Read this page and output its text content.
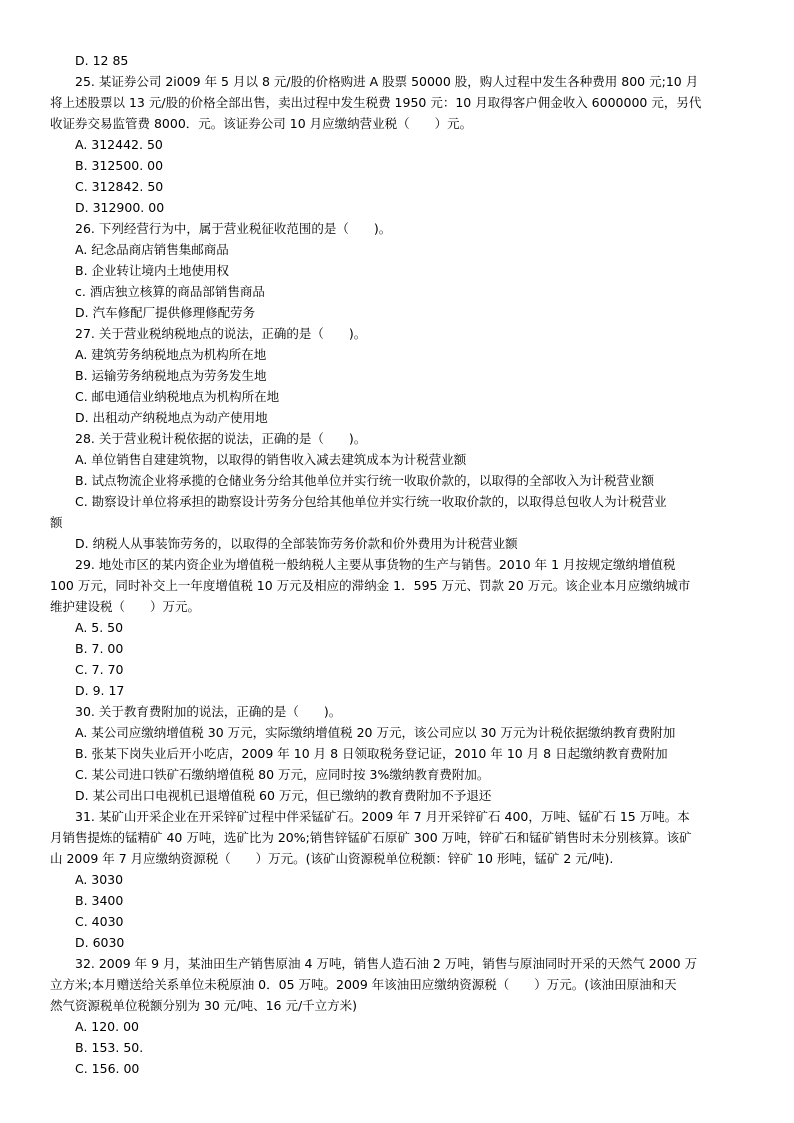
D. 12 85
25. 某证券公司 2i009 年 5 月以 8 元/股的价格购进 A 股票 50000 股，购人过程中发生各种费用 800 元;10 月
将上述股票以 13 元/股的价格全部出售，卖出过程中发生税费 1950 元：10 月取得客户佣金收入 6000000 元，另代
收证券交易监管费 8000．元。该证券公司 10 月应缴纳营业税（　　）元。
A. 312442. 50
B. 312500. 00
C. 312842. 50
D. 312900. 00
26. 下列经营行为中，属于营业税征收范围的是（　　)。
A. 纪念品商店销售集邮商品
B. 企业转让境内土地使用权
c. 酒店独立核算的商品部销售商品
D. 汽车修配厂提供修理修配劳务
27. 关于营业税纳税地点的说法，正确的是（　　)。
A. 建筑劳务纳税地点为机构所在地
B. 运输劳务纳税地点为劳务发生地
C. 邮电通信业纳税地点为机构所在地
D. 出租动产纳税地点为动产使用地
28. 关于营业税计税依据的说法，正确的是（　　)。
A. 单位销售自建建筑物，以取得的销售收入减去建筑成本为计税营业额
B. 试点物流企业将承揽的仓储业务分给其他单位并实行统一收取价款的，以取得的全部收入为计税营业额
C. 勘察设计单位将承担的勘察设计劳务分包给其他单位并实行统一收取价款的，以取得总包收人为计税营业
额
D. 纳税人从事装饰劳务的，以取得的全部装饰劳务价款和价外费用为计税营业额
29. 地处市区的某内资企业为增值税一般纳税人主要从事货物的生产与销售。2010 年 1 月按规定缴纳增值税
100 万元，同时补交上一年度增值税 10 万元及相应的滞纳金 1．595 万元、罚款 20 万元。该企业本月应缴纳城市
维护建设税（　　）万元。
A. 5. 50
B. 7. 00
C. 7. 70
D. 9. 17
30. 关于教育费附加的说法，正确的是（　　)。
A. 某公司应缴纳增值税 30 万元，实际缴纳增值税 20 万元，该公司应以 30 万元为计税依据缴纳教育费附加
B. 张某下岗失业后开小吃店，2009 年 10 月 8 日领取税务登记证，2010 年 10 月 8 日起缴纳教育费附加
C. 某公司进口铁矿石缴纳增值税 80 万元，应同时按 3%缴纳教育费附加。
D. 某公司出口电视机已退增值税 60 万元，但已缴纳的教育费附加不予退还
31. 某矿山开采企业在开采锌矿过程中伴采锰矿石。2009 年 7 月开采锌矿石 400，万吨、锰矿石 15 万吨。本
月销售提炼的锰精矿 40 万吨，选矿比为 20%;销售锌锰矿石原矿 300 万吨，锌矿石和锰矿销售时未分别核算。该矿
山 2009 年 7 月应缴纳资源税（　　）万元。(该矿山资源税单位税额：锌矿 10 形吨，锰矿 2 元/吨).
A. 3030
B. 3400
C. 4030
D. 6030
32. 2009 年 9 月，某油田生产销售原油 4 万吨，销售人造石油 2 万吨，销售与原油同时开采的天然气 2000 万
立方米;本月赠送给关系单位未税原油 0．05 万吨。2009 年该油田应缴纳资源税（　　）万元。(该油田原油和天
然气资源税单位税额分别为 30 元/吨、16 元/千立方米)
A. 120. 00
B. 153. 50.
C. 156. 00
